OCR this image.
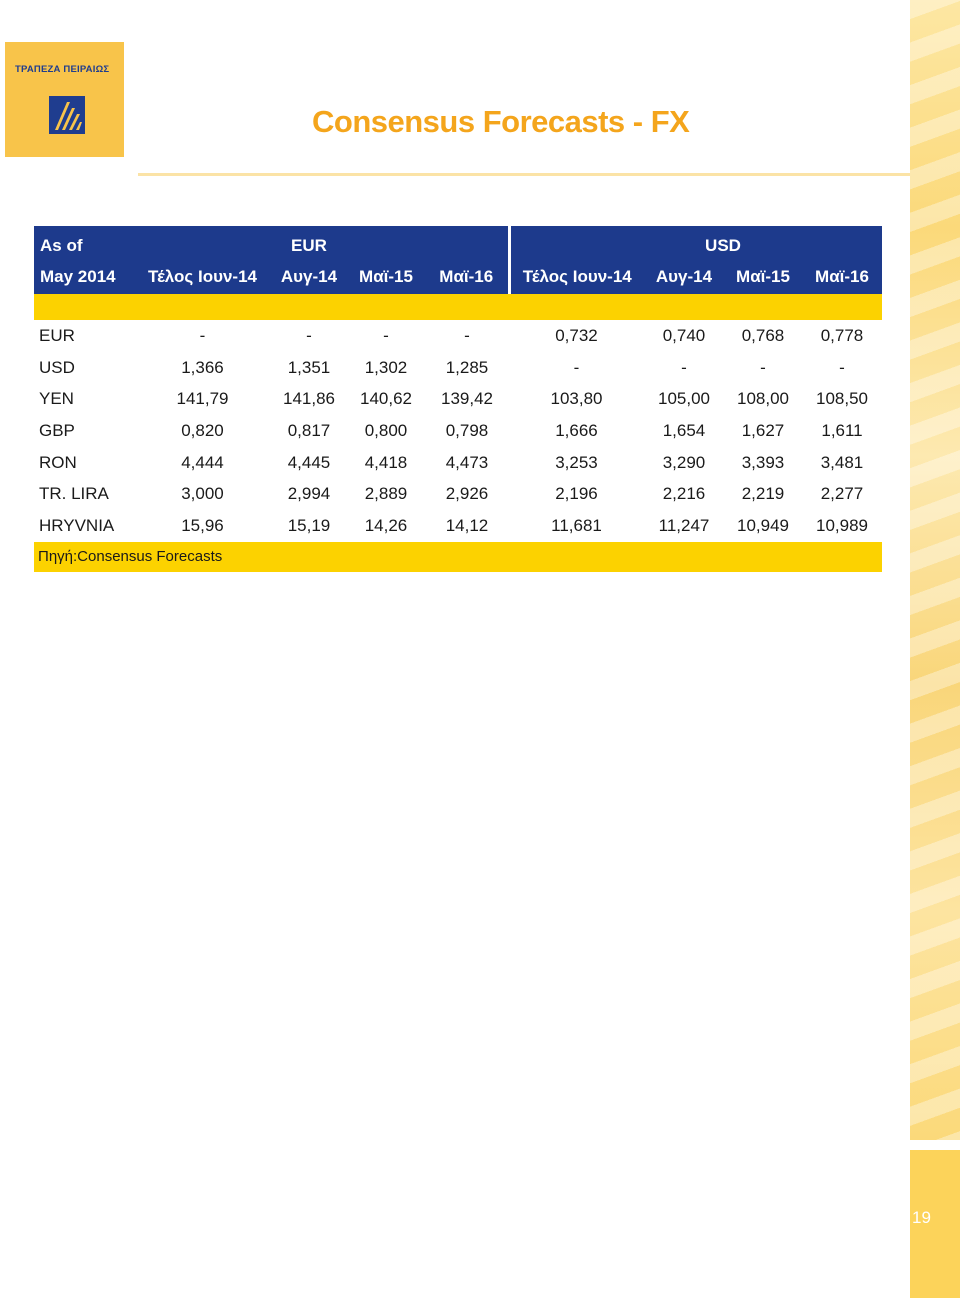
19
ΤΡΑΠΕΖΑ ΠΕΙΡΑΙΩΣ
Consensus Forecasts - FX
As of		EUR				USD		
May 2014	Τέλος Ιουν-14	Αυγ-14	Μαϊ-15	Μαϊ-16	Τέλος Ιουν-14	Αυγ-14	Μαϊ-15	Μαϊ-16

EUR	-	-	-	-	0,732	0,740	0,768	0,778
USD	1,366	1,351	1,302	1,285	-	-	-	-
YEN	141,79	141,86	140,62	139,42	103,80	105,00	108,00	108,50
GBP	0,820	0,817	0,800	0,798	1,666	1,654	1,627	1,611
RON	4,444	4,445	4,418	4,473	3,253	3,290	3,393	3,481
TR. LIRA	3,000	2,994	2,889	2,926	2,196	2,216	2,219	2,277
HRYVNIA	15,96	15,19	14,26	14,12	11,681	11,247	10,949	10,989
Πηγή:Consensus Forecasts								
